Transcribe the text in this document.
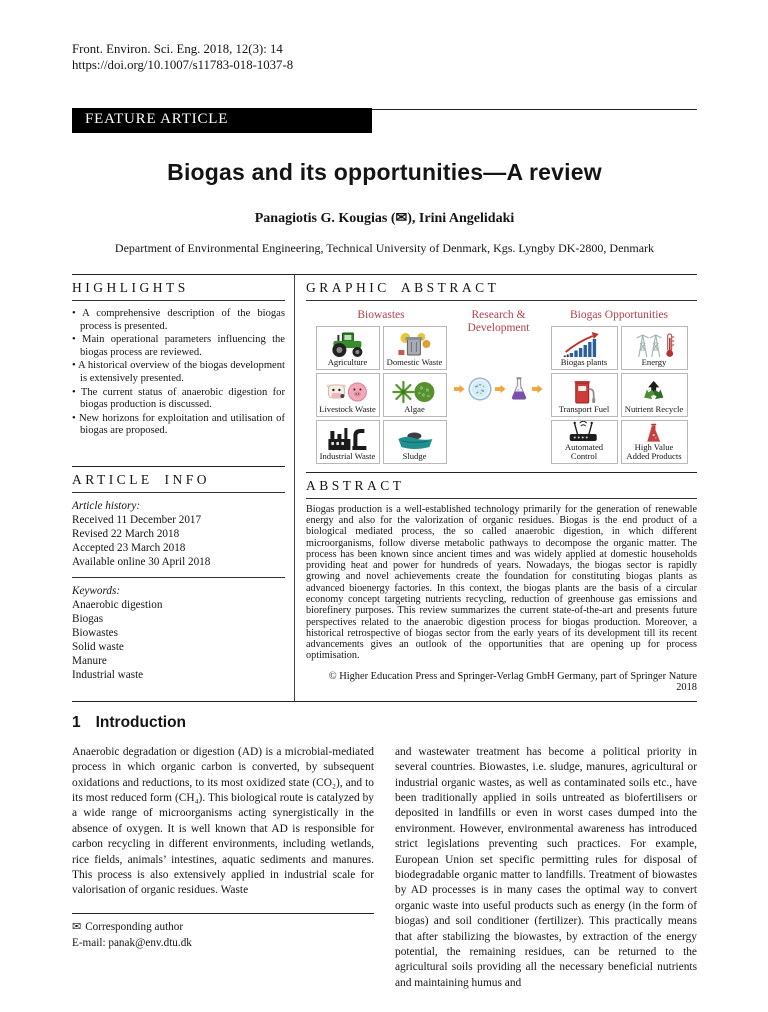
Front. Environ. Sci. Eng. 2018, 12(3): 14
https://doi.org/10.1007/s11783-018-1037-8
FEATURE ARTICLE
Biogas and its opportunities—A review
Panagiotis G. Kougias (✉), Irini Angelidaki
Department of Environmental Engineering, Technical University of Denmark, Kgs. Lyngby DK-2800, Denmark
HIGHLIGHTS
• A comprehensive description of the biogas process is presented.
• Main operational parameters influencing the biogas process are reviewed.
• A historical overview of the biogas development is extensively presented.
• The current status of anaerobic digestion for biogas production is discussed.
• New horizons for exploitation and utilisation of biogas are proposed.
ARTICLE INFO
Article history:
Received 11 December 2017
Revised 22 March 2018
Accepted 23 March 2018
Available online 30 April 2018
Keywords:
Anaerobic digestion
Biogas
Biowastes
Solid waste
Manure
Industrial waste
GRAPHIC ABSTRACT
Biowastes
Agriculture Domestic Waste
Livestock Waste	Algae
Industrial Waste	Sludge
Research & Development
Biogas Opportunities
Biogas plants	Energy
Transport Fuel Nutrient Recycle
Automated Control
High Value Added Products
ABSTRACT
Biogas production is a well-established technology primarily for the generation of renewable energy and also for the valorization of organic residues. Biogas is the end product of a biological mediated process, the so called anaerobic digestion, in which different microorganisms, follow diverse metabolic pathways to decompose the organic matter. The process has been known since ancient times and was widely applied at domestic households providing heat and power for hundreds of years. Nowadays, the biogas sector is rapidly growing and novel achievements create the foundation for constituting biogas plants as advanced bioenergy factories. In this context, the biogas plants are the basis of a circular economy concept targeting nutrients recycling, reduction of greenhouse gas emissions and biorefinery purposes. This review summarizes the current state-of-the-art and presents future perspectives related to the anaerobic digestion process for biogas production. Moreover, a historical retrospective of biogas sector from the early years of its development till its recent advancements gives an outlook of the opportunities that are opening up for process optimisation.
© Higher Education Press and Springer-Verlag GmbH Germany, part of Springer Nature 2018
1 Introduction
Anaerobic degradation or digestion (AD) is a microbial-mediated process in which organic carbon is converted, by subsequent oxidations and reductions, to its most oxidized state (CO₂), and to its most reduced form (CH₄). This biological route is catalyzed by a wide range of microorganisms acting synergistically in the absence of oxygen. It is well known that AD is responsible for carbon recycling in different environments, including wetlands, rice fields, animals’ intestines, aquatic sediments and manures. This process is also extensively applied in industrial scale for valorisation of organic residues. Waste
✉ Corresponding author
E-mail: panak@env.dtu.dk
and wastewater treatment has become a political priority in several countries. Biowastes, i.e. sludge, manures, agricultural or industrial organic wastes, as well as contaminated soils etc., have been traditionally applied in soils untreated as biofertilisers or deposited in landfills or even in worst cases dumped into the environment. However, environmental awareness has introduced strict legislations preventing such practices. For example, European Union set specific permitting rules for disposal of biodegradable organic matter to landfills. Treatment of biowastes by AD processes is in many cases the optimal way to convert organic waste into useful products such as energy (in the form of biogas) and soil conditioner (fertilizer). This practically means that after stabilizing the biowastes, by extraction of the energy potential, the remaining residues, can be returned to the agricultural soils providing all the necessary beneficial nutrients and maintaining humus and
